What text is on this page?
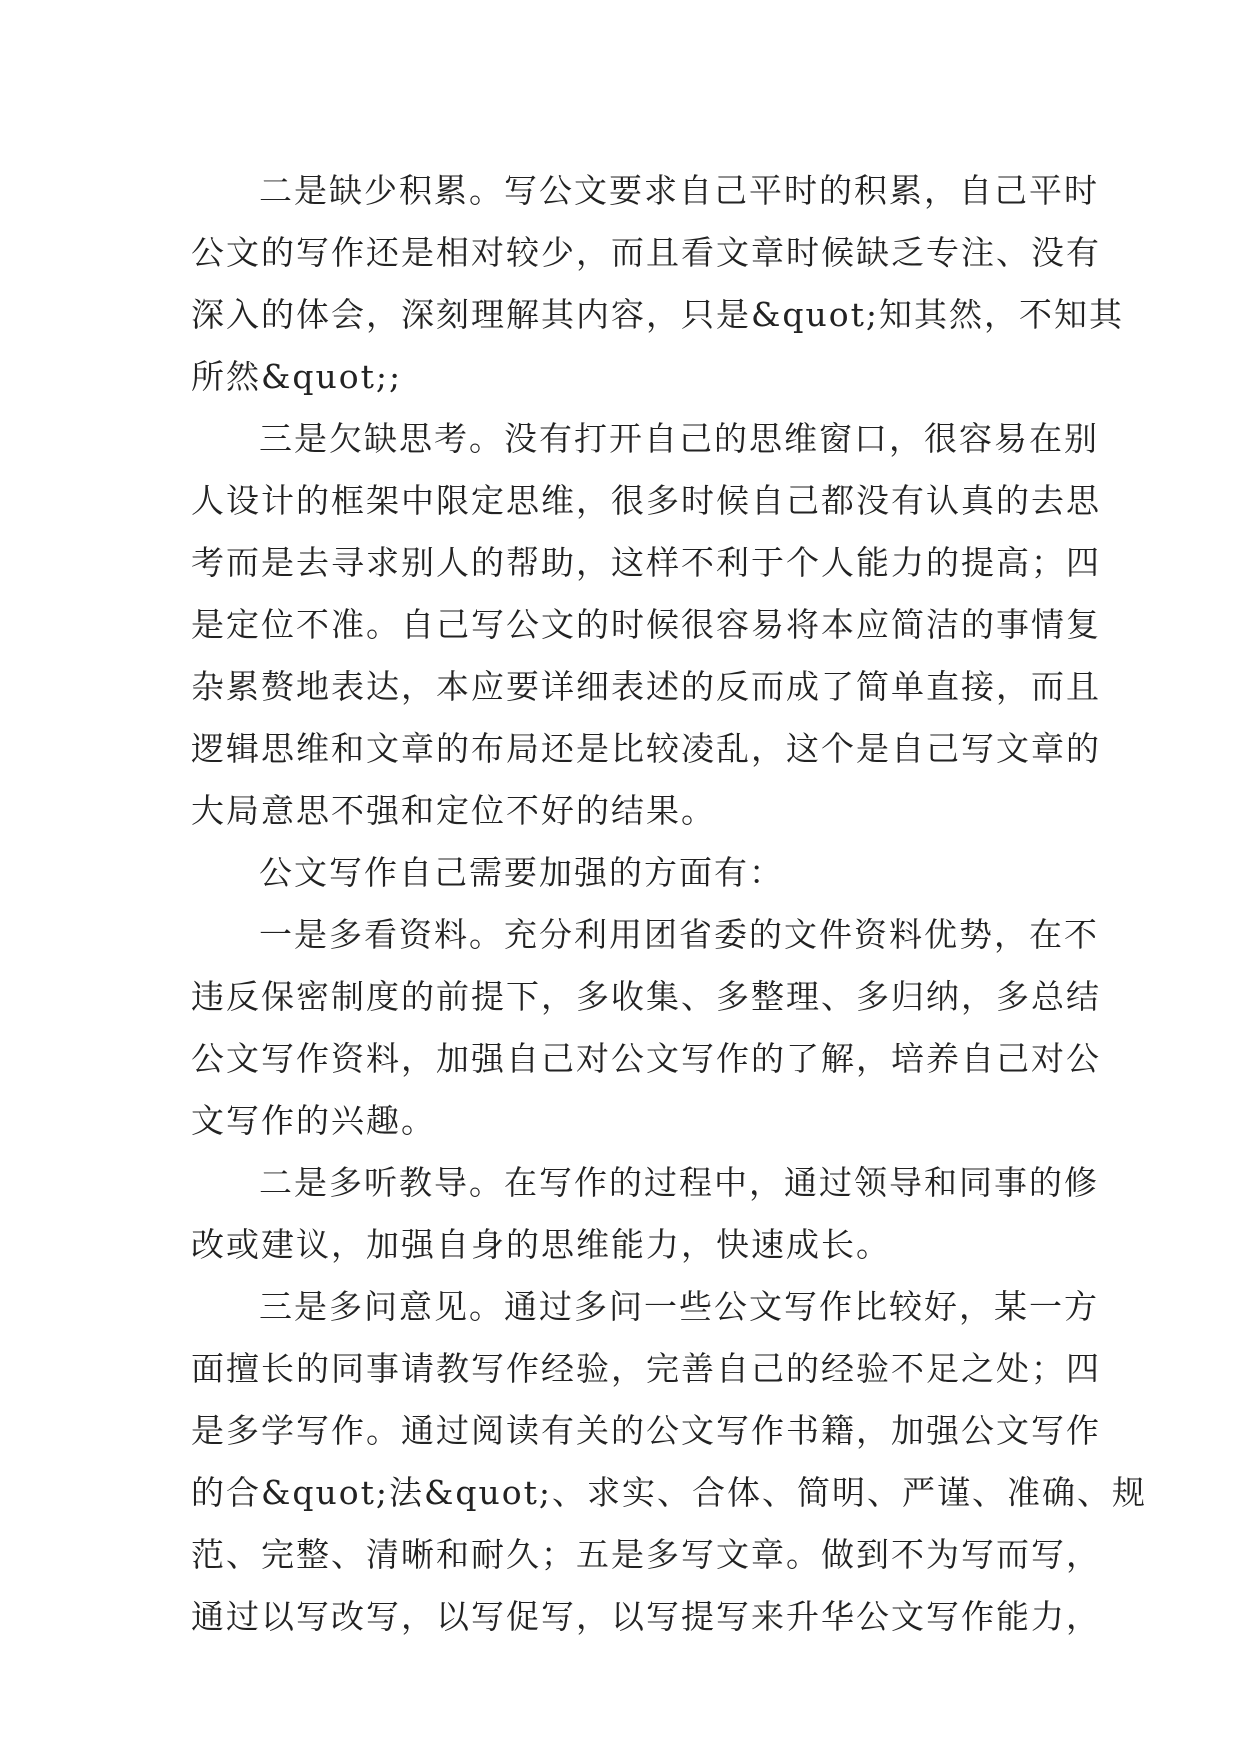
二是缺少积累。写公文要求自己平时的积累，自己平时
公文的写作还是相对较少，而且看文章时候缺乏专注、没有
深入的体会，深刻理解其内容，只是&quot;知其然，不知其
所然&quot;;
三是欠缺思考。没有打开自己的思维窗口，很容易在别
人设计的框架中限定思维，很多时候自己都没有认真的去思
考而是去寻求别人的帮助，这样不利于个人能力的提高；四
是定位不准。自己写公文的时候很容易将本应简洁的事情复
杂累赘地表达，本应要详细表述的反而成了简单直接，而且
逻辑思维和文章的布局还是比较凌乱，这个是自己写文章的
大局意思不强和定位不好的结果。
公文写作自己需要加强的方面有：
一是多看资料。充分利用团省委的文件资料优势，在不
违反保密制度的前提下，多收集、多整理、多归纳，多总结
公文写作资料，加强自己对公文写作的了解，培养自己对公
文写作的兴趣。
二是多听教导。在写作的过程中，通过领导和同事的修
改或建议，加强自身的思维能力，快速成长。
三是多问意见。通过多问一些公文写作比较好，某一方
面擅长的同事请教写作经验，完善自己的经验不足之处；四
是多学写作。通过阅读有关的公文写作书籍，加强公文写作
的合&quot;法&quot;、求实、合体、简明、严谨、准确、规
范、完整、清晰和耐久；五是多写文章。做到不为写而写，
通过以写改写，以写促写，以写提写来升华公文写作能力，
